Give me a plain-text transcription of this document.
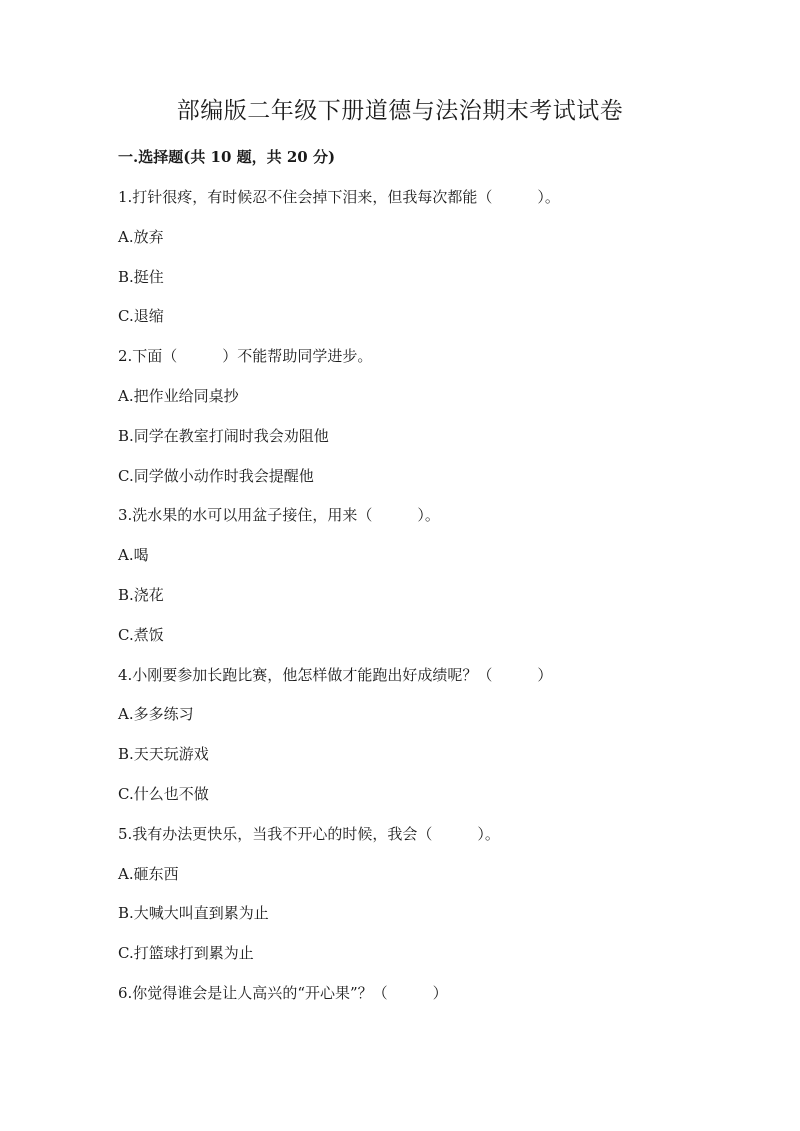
部编版二年级下册道德与法治期末考试试卷
一.选择题(共 10 题，共 20 分)
1.打针很疼，有时候忍不住会掉下泪来，但我每次都能（　　　）。
A.放弃
B.挺住
C.退缩
2.下面（　　　）不能帮助同学进步。
A.把作业给同桌抄
B.同学在教室打闹时我会劝阻他
C.同学做小动作时我会提醒他
3.洗水果的水可以用盆子接住，用来（　　　）。
A.喝
B.浇花
C.煮饭
4.小刚要参加长跑比赛，他怎样做才能跑出好成绩呢？（　　　）
A.多多练习
B.天天玩游戏
C.什么也不做
5.我有办法更快乐，当我不开心的时候，我会（　　　）。
A.砸东西
B.大喊大叫直到累为止
C.打篮球打到累为止
6.你觉得谁会是让人高兴的“开心果”？（　　　）
